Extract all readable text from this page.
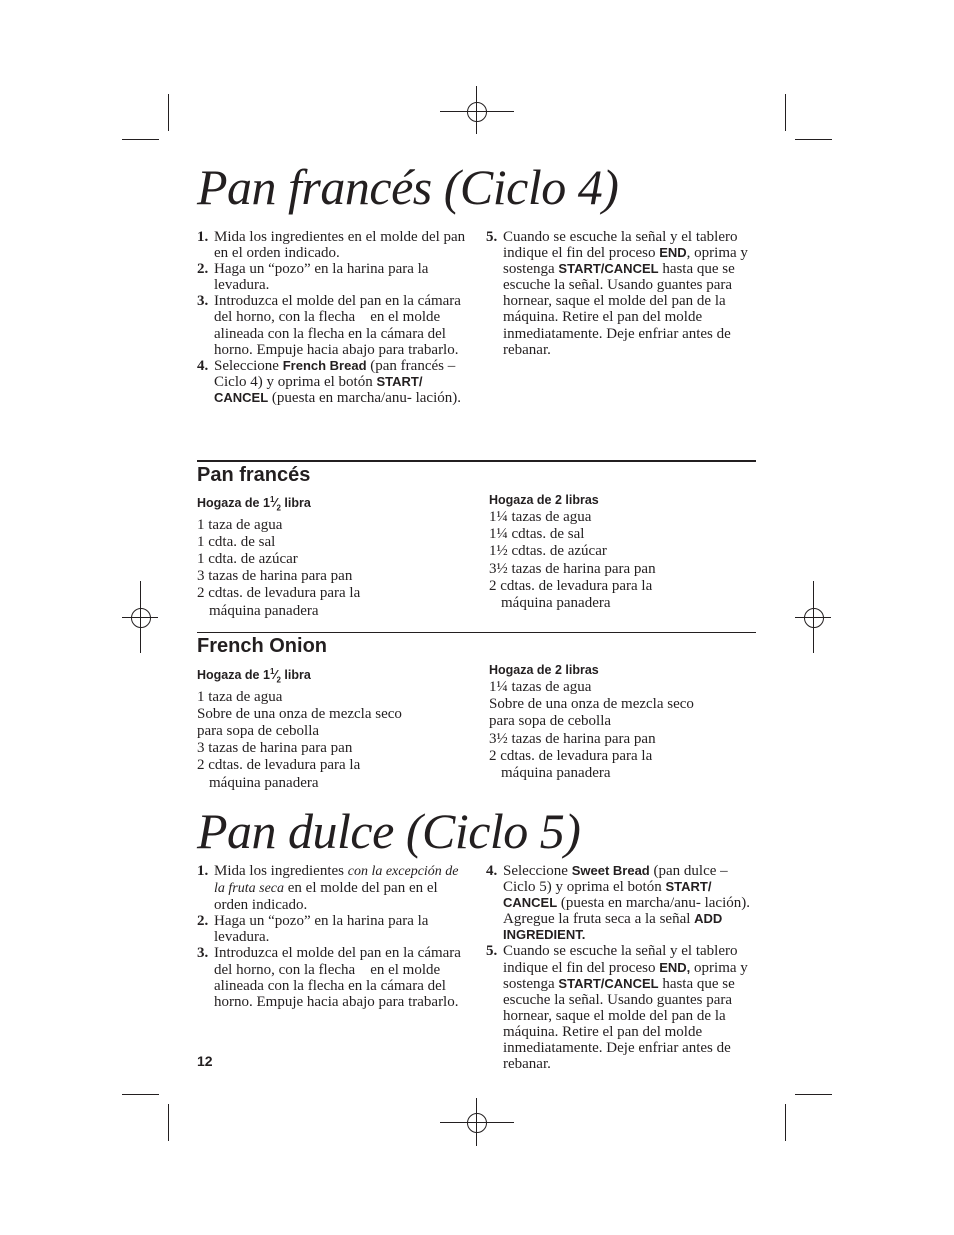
Pan francés (Ciclo 4)
1. Mida los ingredientes en el molde del pan en el orden indicado.
2. Haga un “pozo” en la harina para la levadura.
3. Introduzca el molde del pan en la cámara del horno, con la flecha    en el molde alineada con la flecha en la cámara del horno. Empuje hacia abajo para trabarlo.
4. Seleccione French Bread (pan francés – Ciclo 4) y oprima el botón START/ CANCEL (puesta en marcha/anu- lación).
5. Cuando se escuche la señal y el tablero indique el fin del proceso END, oprima y sostenga START/CANCEL hasta que se escuche la señal. Usando guantes para hornear, saque el molde del pan de la máquina. Retire el pan del molde inmediatamente. Deje enfriar antes de rebanar.
Pan francés
Hogaza de $1^1⁄_2$ libra
1 taza de agua
1 cdta. de sal
1 cdta. de azúcar
3 tazas de harina para pan
2 cdtas. de levadura para la
máquina panadera
Hogaza de 2 libras
1¼ tazas de agua
1¼ cdtas. de sal
1½ cdtas. de azúcar
3½ tazas de harina para pan
2 cdtas. de levadura para la
máquina panadera
French Onion
Hogaza de $1^1⁄_2$ libra
1 taza de agua
Sobre de una onza de mezcla seco
para sopa de cebolla
3 tazas de harina para pan
2 cdtas. de levadura para la
máquina panadera
Hogaza de 2 libras
1¼ tazas de agua
Sobre de una onza de mezcla seco
para sopa de cebolla
3½ tazas de harina para pan
2 cdtas. de levadura para la
máquina panadera
Pan dulce (Ciclo 5)
1. Mida los ingredientes con la excepción de la fruta seca en el molde del pan en el orden indicado.
2. Haga un “pozo” en la harina para la levadura.
3. Introduzca el molde del pan en la cámara del horno, con la flecha    en el molde alineada con la flecha en la cámara del horno. Empuje hacia abajo para trabarlo.
4. Seleccione Sweet Bread (pan dulce – Ciclo 5) y oprima el botón START/ CANCEL (puesta en marcha/anu- lación). Agregue la fruta seca a la señal ADD INGREDIENT.
5. Cuando se escuche la señal y el tablero indique el fin del proceso END, oprima y sostenga START/CANCEL hasta que se escuche la señal. Usando guantes para hornear, saque el molde del pan de la máquina. Retire el pan del molde inmediatamente. Deje enfriar antes de rebanar.
12
